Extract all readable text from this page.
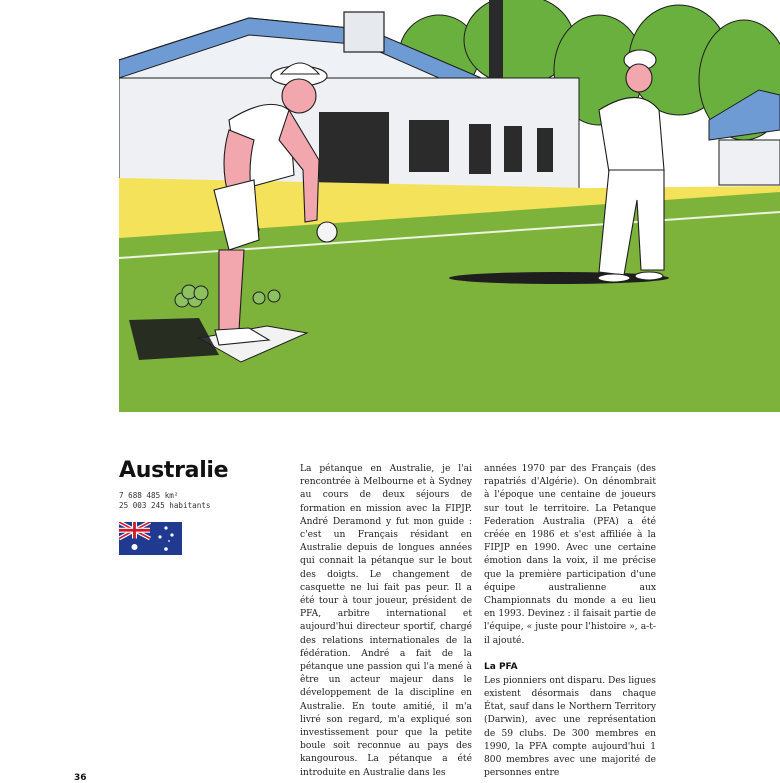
Australie
7 688 485 km²
25 003 245 habitants

La pétanque en Australie, je l'ai rencontrée à Melbourne et à Sydney au cours de deux séjours de formation en mission avec la FIPJP. André Deramond y fut mon guide : c'est un Français résidant en Australie depuis de longues années qui connait la pétanque sur le bout des doigts. Le changement de casquette ne lui fait pas peur. Il a été tour à tour joueur, président de PFA, arbitre international et aujourd'hui directeur sportif, chargé des relations internationales de la fédération. André a fait de la pétanque une passion qui l'a mené à être un acteur majeur dans le développement de la discipline en Australie. En toute amitié, il m'a livré son regard, m'a expliqué son investissement pour que la petite boule soit reconnue au pays des kangourous. La pétanque a été introduite en Australie dans les

années 1970 par des Français (des rapatriés d'Algérie). On dénombrait à l'époque une centaine de joueurs sur tout le territoire. La Petanque Federation Australia (PFA) a été créée en 1986 et s'est affiliée à la FIPJP en 1990. Avec une certaine émotion dans la voix, il me précise que la première participation d'une équipe australienne aux Championnats du monde a eu lieu en 1993. Devinez : il faisait partie de l'équipe, « juste pour l'histoire », a-t-il ajouté.

La PFA

Les pionniers ont disparu. Des ligues existent désormais dans chaque État, sauf dans le Northern Territory (Darwin), avec une représentation de 59 clubs. De 300 membres en 1990, la PFA compte aujourd'hui 1 800 membres avec une majorité de personnes entre

36
